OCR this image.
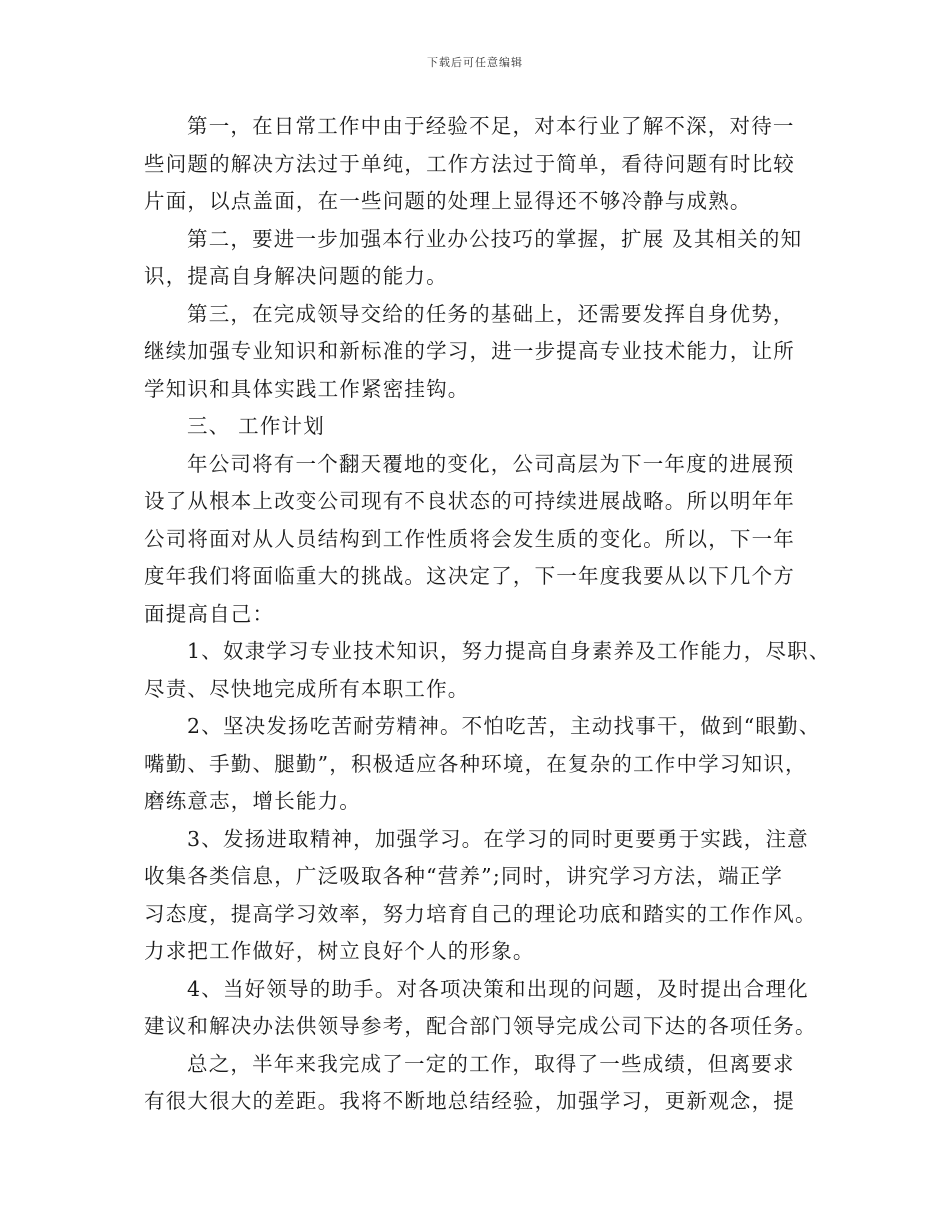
下载后可任意编辑
第一，在日常工作中由于经验不足，对本行业了解不深，对待一
些问题的解决方法过于单纯，工作方法过于简单，看待问题有时比较
片面，以点盖面，在一些问题的处理上显得还不够冷静与成熟。
第二，要进一步加强本行业办公技巧的掌握，扩展 及其相关的知
识，提高自身解决问题的能力。
第三，在完成领导交给的任务的基础上，还需要发挥自身优势，
继续加强专业知识和新标准的学习，进一步提高专业技术能力，让所
学知识和具体实践工作紧密挂钩。
三、 工作计划
年公司将有一个翻天覆地的变化，公司高层为下一年度的进展预
设了从根本上改变公司现有不良状态的可持续进展战略。所以明年年
公司将面对从人员结构到工作性质将会发生质的变化。所以，下一年
度年我们将面临重大的挑战。这决定了，下一年度我要从以下几个方
面提高自己：
1、奴隶学习专业技术知识，努力提高自身素养及工作能力，尽职、
尽责、尽快地完成所有本职工作。
2、坚决发扬吃苦耐劳精神。不怕吃苦，主动找事干，做到“眼勤、
嘴勤、手勤、腿勤”，积极适应各种环境，在复杂的工作中学习知识，
磨练意志，增长能力。
3、发扬进取精神，加强学习。在学习的同时更要勇于实践，注意
收集各类信息，广泛吸取各种“营养”;同时，讲究学习方法，端正学
习态度，提高学习效率，努力培育自己的理论功底和踏实的工作作风。
力求把工作做好，树立良好个人的形象。
4、当好领导的助手。对各项决策和出现的问题，及时提出合理化
建议和解决办法供领导参考，配合部门领导完成公司下达的各项任务。
总之，半年来我完成了一定的工作，取得了一些成绩，但离要求
有很大很大的差距。我将不断地总结经验，加强学习，更新观念，提
